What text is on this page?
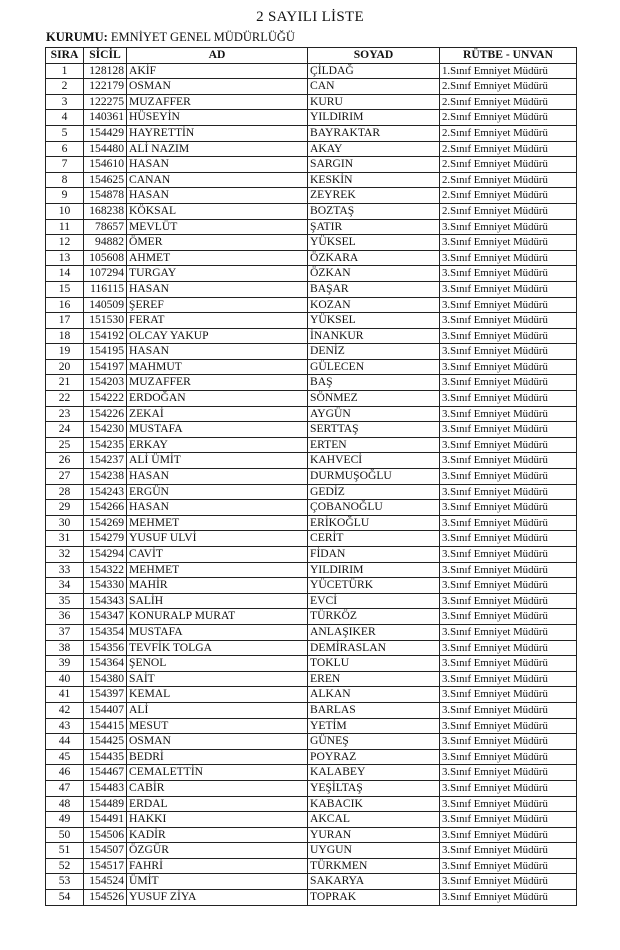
2 SAYILI LİSTE
KURUMU: EMNİYET GENEL MÜDÜRLÜĞÜ
SIRA	SİCİL	AD	SOYAD	RÜTBE - UNVAN
1	128128	AKİF	ÇİLDAĞ	1.Sınıf Emniyet Müdürü
2	122179	OSMAN	CAN	2.Sınıf Emniyet Müdürü
3	122275	MUZAFFER	KURU	2.Sınıf Emniyet Müdürü
4	140361	HÜSEYİN	YILDIRIM	2.Sınıf Emniyet Müdürü
5	154429	HAYRETTİN	BAYRAKTAR	2.Sınıf Emniyet Müdürü
6	154480	ALİ NAZIM	AKAY	2.Sınıf Emniyet Müdürü
7	154610	HASAN	SARGIN	2.Sınıf Emniyet Müdürü
8	154625	CANAN	KESKİN	2.Sınıf Emniyet Müdürü
9	154878	HASAN	ZEYREK	2.Sınıf Emniyet Müdürü
10	168238	KÖKSAL	BOZTAŞ	2.Sınıf Emniyet Müdürü
11	78657	MEVLÜT	ŞATIR	3.Sınıf Emniyet Müdürü
12	94882	ÖMER	YÜKSEL	3.Sınıf Emniyet Müdürü
13	105608	AHMET	ÖZKARA	3.Sınıf Emniyet Müdürü
14	107294	TURGAY	ÖZKAN	3.Sınıf Emniyet Müdürü
15	116115	HASAN	BAŞAR	3.Sınıf Emniyet Müdürü
16	140509	ŞEREF	KOZAN	3.Sınıf Emniyet Müdürü
17	151530	FERAT	YÜKSEL	3.Sınıf Emniyet Müdürü
18	154192	OLCAY YAKUP	İNANKUR	3.Sınıf Emniyet Müdürü
19	154195	HASAN	DENİZ	3.Sınıf Emniyet Müdürü
20	154197	MAHMUT	GÜLECEN	3.Sınıf Emniyet Müdürü
21	154203	MUZAFFER	BAŞ	3.Sınıf Emniyet Müdürü
22	154222	ERDOĞAN	SÖNMEZ	3.Sınıf Emniyet Müdürü
23	154226	ZEKAİ	AYGÜN	3.Sınıf Emniyet Müdürü
24	154230	MUSTAFA	SERTTAŞ	3.Sınıf Emniyet Müdürü
25	154235	ERKAY	ERTEN	3.Sınıf Emniyet Müdürü
26	154237	ALİ ÜMİT	KAHVECİ	3.Sınıf Emniyet Müdürü
27	154238	HASAN	DURMUŞOĞLU	3.Sınıf Emniyet Müdürü
28	154243	ERGÜN	GEDİZ	3.Sınıf Emniyet Müdürü
29	154266	HASAN	ÇOBANOĞLU	3.Sınıf Emniyet Müdürü
30	154269	MEHMET	ERİKOĞLU	3.Sınıf Emniyet Müdürü
31	154279	YUSUF ULVİ	CERİT	3.Sınıf Emniyet Müdürü
32	154294	CAVİT	FİDAN	3.Sınıf Emniyet Müdürü
33	154322	MEHMET	YILDIRIM	3.Sınıf Emniyet Müdürü
34	154330	MAHİR	YÜCETÜRK	3.Sınıf Emniyet Müdürü
35	154343	SALİH	EVCİ	3.Sınıf Emniyet Müdürü
36	154347	KONURALP MURAT	TÜRKÖZ	3.Sınıf Emniyet Müdürü
37	154354	MUSTAFA	ANLAŞIKER	3.Sınıf Emniyet Müdürü
38	154356	TEVFİK TOLGA	DEMİRASLAN	3.Sınıf Emniyet Müdürü
39	154364	ŞENOL	TOKLU	3.Sınıf Emniyet Müdürü
40	154380	SAİT	EREN	3.Sınıf Emniyet Müdürü
41	154397	KEMAL	ALKAN	3.Sınıf Emniyet Müdürü
42	154407	ALİ	BARLAS	3.Sınıf Emniyet Müdürü
43	154415	MESUT	YETİM	3.Sınıf Emniyet Müdürü
44	154425	OSMAN	GÜNEŞ	3.Sınıf Emniyet Müdürü
45	154435	BEDRİ	POYRAZ	3.Sınıf Emniyet Müdürü
46	154467	CEMALETTİN	KALABEY	3.Sınıf Emniyet Müdürü
47	154483	CABİR	YEŞİLTAŞ	3.Sınıf Emniyet Müdürü
48	154489	ERDAL	KABACIK	3.Sınıf Emniyet Müdürü
49	154491	HAKKI	AKCAL	3.Sınıf Emniyet Müdürü
50	154506	KADİR	YURAN	3.Sınıf Emniyet Müdürü
51	154507	ÖZGÜR	UYGUN	3.Sınıf Emniyet Müdürü
52	154517	FAHRİ	TÜRKMEN	3.Sınıf Emniyet Müdürü
53	154524	ÜMİT	SAKARYA	3.Sınıf Emniyet Müdürü
54	154526	YUSUF ZİYA	TOPRAK	3.Sınıf Emniyet Müdürü
